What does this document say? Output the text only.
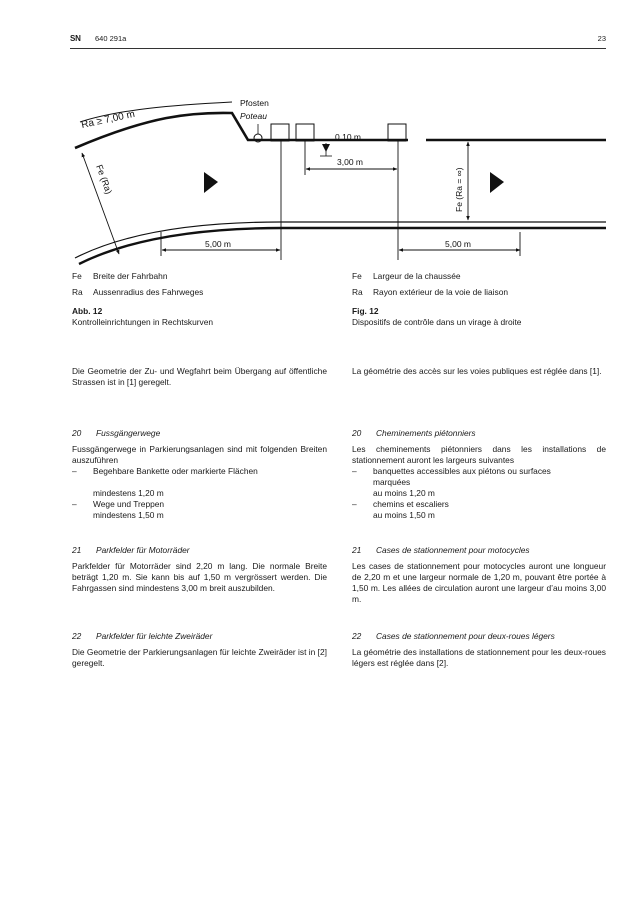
SN 640 291a	23
Ra ≥ 7,00 m
Fe (Ra)	Fe (Ra = ∞)
Pfosten
Poteau
0,10 m
3,00 m
5,00 m	5,00 m
Fe	Breite der Fahrbahn
Ra	Aussenradius des Fahrweges
Fe	Largeur de la chaussée
Ra	Rayon extérieur de la voie de liaison
Abb. 12
Kontrolleinrichtungen in Rechtskurven
Fig. 12
Dispositifs de contrôle dans un virage à droite

Die Geometrie der Zu- und Wegfahrt beim Übergang auf öffentliche Strassen ist in [1] geregelt.

La géométrie des accès sur les voies publiques est réglée dans [1].

20 Fussgängerwege

Fussgängerwege in Parkierungsanlagen sind mit folgenden Breiten auszuführen

– Begehbare Bankette oder markierte Flächen
mindestens 1,20 m
– Wege und Treppen
mindestens 1,50 m
20 Cheminements piétonniers

Les cheminements piétonniers dans les installations de stationnement auront les largeurs suivantes

– banquettes accessibles aux piétons ou surfaces
marquées
au moins 1,20 m
– chemins et escaliers
au moins 1,50 m
21 Parkfelder für Motorräder

Parkfelder für Motorräder sind 2,20 m lang. Die normale Breite beträgt 1,20 m. Sie kann bis auf 1,50 m vergrössert werden. Die Fahrgassen sind mindestens 3,00 m breit auszubilden.

21 Cases de stationnement pour motocycles

Les cases de stationnement pour motocycles auront une longueur de 2,20 m et une largeur normale de 1,20 m, pouvant être portée à 1,50 m. Les allées de circulation auront une largeur d’au moins 3,00 m.

22 Parkfelder für leichte Zweiräder

Die Geometrie der Parkierungsanlagen für leichte Zweiräder ist in [2] geregelt.

22 Cases de stationnement pour deux-roues légers

La géométrie des installations de stationnement pour les deux-roues légers est réglée dans [2].
